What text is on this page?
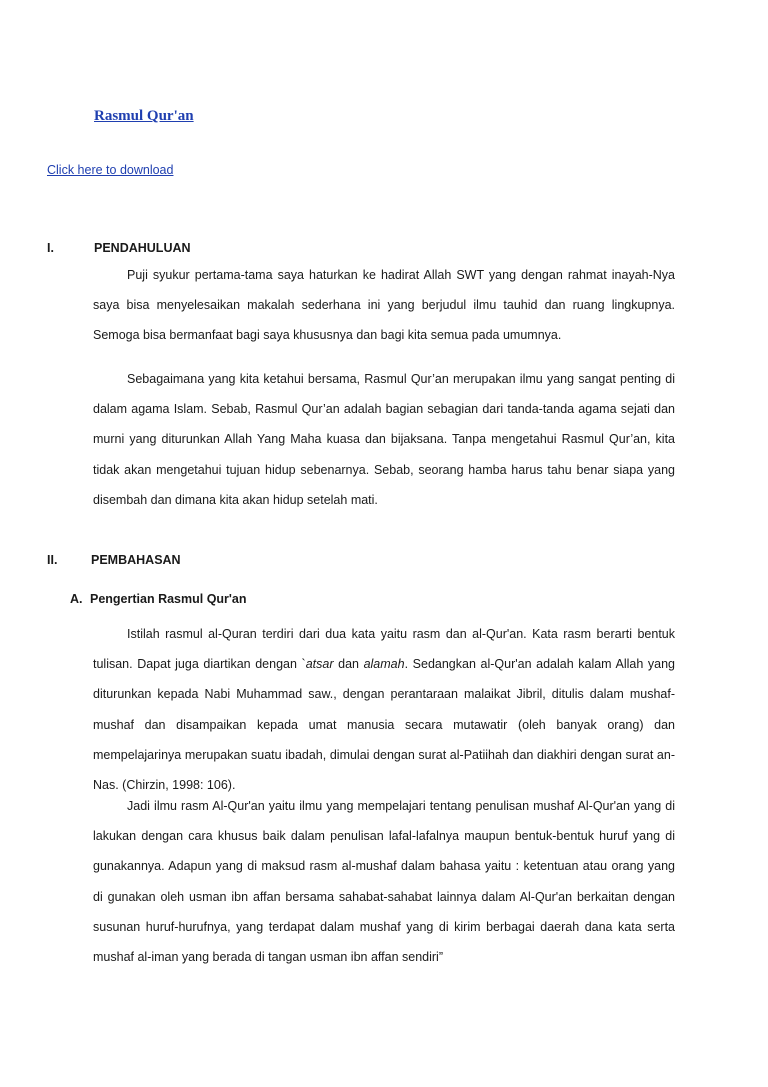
Rasmul Qur'an
Click here to download
I.	PENDAHULUAN

Puji syukur pertama-tama saya haturkan ke hadirat Allah SWT yang dengan rahmat inayah-Nya saya bisa menyelesaikan makalah sederhana ini yang berjudul ilmu tauhid dan ruang lingkupnya. Semoga bisa bermanfaat bagi saya khususnya dan bagi kita semua pada umumnya.

Sebagaimana yang kita ketahui bersama, Rasmul Qur’an merupakan ilmu yang sangat penting di dalam agama Islam. Sebab, Rasmul Qur’an adalah bagian sebagian dari tanda-tanda agama sejati dan murni yang diturunkan Allah Yang Maha kuasa dan bijaksana. Tanpa mengetahui Rasmul Qur’an, kita tidak akan mengetahui tujuan hidup sebenarnya. Sebab, seorang hamba harus tahu benar siapa yang disembah dan dimana kita akan hidup setelah mati.

II.	PEMBAHASAN
A. Pengertian Rasmul Qur'an

Istilah rasmul al-Quran terdiri dari dua kata yaitu rasm dan al-Qur'an. Kata rasm berarti bentuk tulisan. Dapat juga diartikan dengan `atsar dan alamah. Sedangkan al-Qur'an adalah kalam Allah yang diturunkan kepada Nabi Muhammad saw., dengan perantaraan malaikat Jibril, ditulis dalam mushaf-mushaf dan disampaikan kepada umat manusia secara mutawatir (oleh banyak orang) dan mempelajarinya merupakan suatu ibadah, dimulai dengan surat al-Patiihah dan diakhiri dengan surat an-Nas. (Chirzin, 1998: 106).

Jadi ilmu rasm Al-Qur'an yaitu ilmu yang mempelajari tentang penulisan mushaf Al-Qur'an yang di lakukan dengan cara khusus baik dalam penulisan lafal-lafalnya maupun bentuk-bentuk huruf yang di gunakannya. Adapun yang di maksud rasm al-mushaf dalam bahasa yaitu : ketentuan atau orang yang di gunakan oleh usman ibn affan bersama sahabat-sahabat lainnya dalam Al-Qur'an berkaitan dengan susunan huruf-hurufnya, yang terdapat dalam mushaf yang di kirim berbagai daerah dana kata serta mushaf al-iman yang berada di tangan usman ibn affan sendiri”
